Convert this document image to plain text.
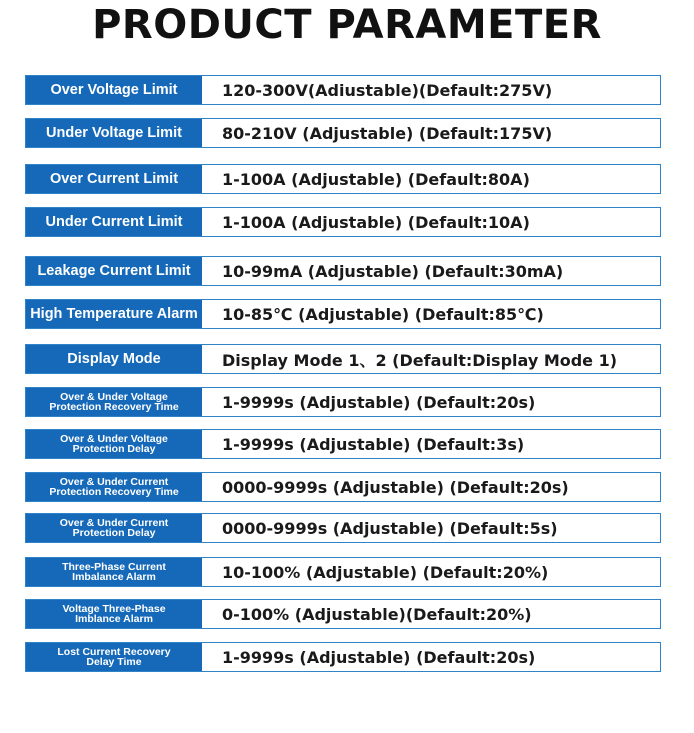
PRODUCT PARAMETER
Over Voltage Limit	120-300V(Adiustable)(Default:275V)
Under Voltage Limit	80-210V (Adjustable) (Default:175V)
Over Current Limit	1-100A (Adjustable) (Default:80A)
Under Current Limit	1-100A (Adjustable) (Default:10A)
Leakage Current Limit	10-99mA (Adjustable) (Default:30mA)
High Temperature Alarm	10-85℃ (Adjustable) (Default:85℃)
Display Mode	Display Mode 1、2 (Default:Display Mode 1)
Over & Under Voltage
Protection Recovery Time	1-9999s (Adjustable) (Default:20s)
Over & Under Voltage
Protection Delay	1-9999s (Adjustable) (Default:3s)
Over & Under Current
Protection Recovery Time	0000-9999s (Adjustable) (Default:20s)
Over & Under Current
Protection Delay	0000-9999s (Adjustable) (Default:5s)
Three-Phase Current
Imbalance Alarm	10-100% (Adjustable) (Default:20%)
Voltage Three-Phase
Imblance Alarm	0-100% (Adjustable)(Default:20%)
Lost Current Recovery
Delay Time	1-9999s (Adjustable) (Default:20s)
